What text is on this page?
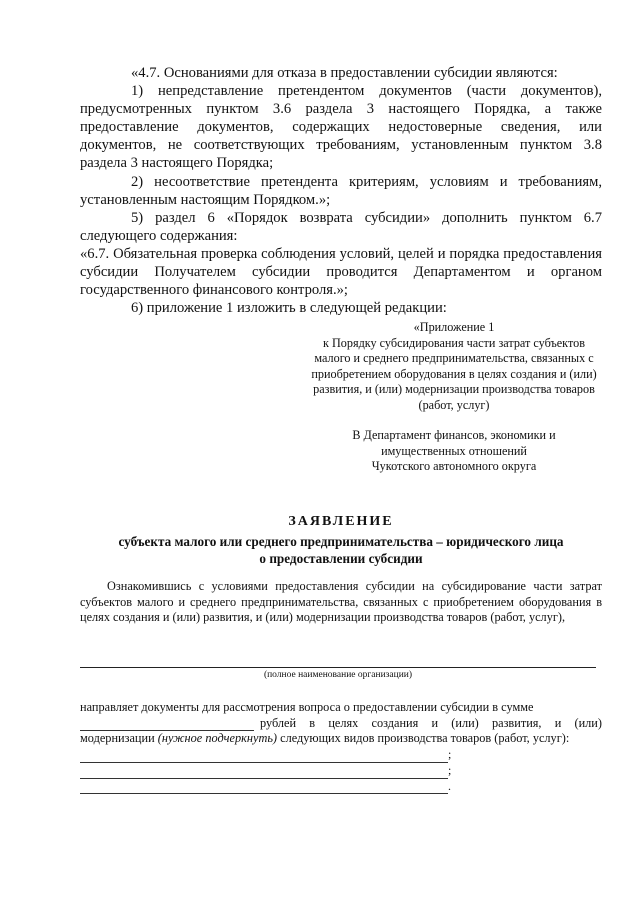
«4.7. Основаниями для отказа в предоставлении субсидии являются:

1) непредставление претендентом документов (части документов), предусмотренных пунктом 3.6 раздела 3 настоящего Порядка, а также предоставление документов, содержащих недостоверные сведения, или документов, не соответствующих требованиям, установленным пунктом 3.8 раздела 3 настоящего Порядка;

2) несоответствие претендента критериям, условиям и требованиям, установленным настоящим Порядком.»;

5) раздел 6 «Порядок возврата субсидии» дополнить пунктом 6.7 следующего содержания:

«6.7. Обязательная проверка соблюдения условий, целей и порядка предоставления субсидии Получателем субсидии проводится Департаментом и органом государственного финансового контроля.»;

6) приложение 1 изложить в следующей редакции:

«Приложение 1
к Порядку субсидирования части затрат субъектов
малого и среднего предпринимательства, связанных с
приобретением оборудования в целях создания и (или)
развития, и (или) модернизации производства товаров
(работ, услуг)
В Департамент финансов, экономики и
имущественных отношений
Чукотского автономного округа
ЗАЯВЛЕНИЕ
субъекта малого или среднего предпринимательства – юридического лица
о предоставлении субсидии

Ознакомившись с условиями предоставления субсидии на субсидирование части затрат субъектов малого и среднего предпринимательства, связанных с приобретением оборудования в целях создания и (или) развития, и (или) модернизации производства товаров (работ, услуг),

(полное наименование организации)

направляет документы для рассмотрения вопроса о предоставлении субсидии в сумме

рублей в целях создания и (или) развития, и (или)
модернизации (нужное подчеркнуть) следующих видов производства товаров (работ, услуг):
;
;
.
